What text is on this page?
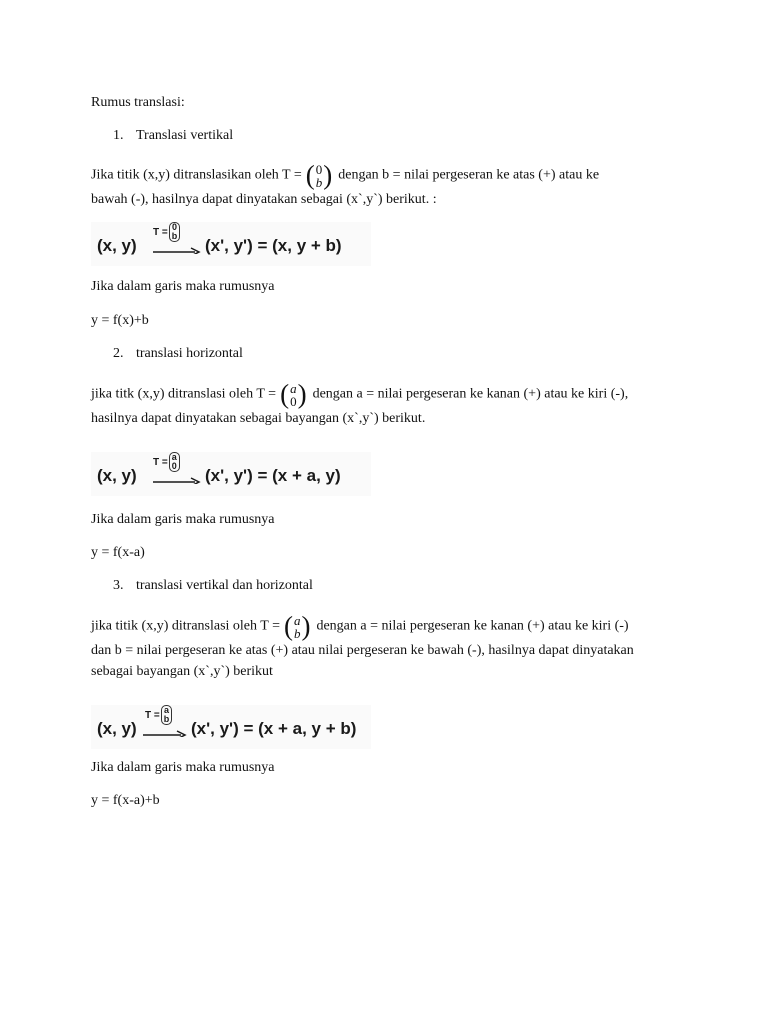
Rumus translasi:
1. Translasi vertikal
Jika titik (x,y) ditranslasikan oleh T = ( 0
b ) dengan b = nilai pergeseran ke atas (+) atau ke
bawah (-), hasilnya dapat dinyatakan sebagai (x`,y`) berikut. :
(x, y)
T = 0
b (x', y') = (x, y + b)
Jika dalam garis maka rumusnya
y = f(x)+b
2. translasi horizontal
jika titk (x,y) ditranslasi oleh T = ( a
0 ) dengan a = nilai pergeseran ke kanan (+) atau ke kiri (-),
hasilnya dapat dinyatakan sebagai bayangan (x`,y`) berikut.
(x, y)
T = a
0 (x', y') = (x + a, y)
Jika dalam garis maka rumusnya
y = f(x-a)
3. translasi vertikal dan horizontal
jika titik (x,y) ditranslasi oleh T = ( a
b ) dengan a = nilai pergeseran ke kanan (+) atau ke kiri (-)
dan b = nilai pergeseran ke atas (+) atau nilai pergeseran ke bawah (-), hasilnya dapat dinyatakan
sebagai bayangan (x`,y`) berikut
(x, y)
T = a
b (x', y') = (x + a, y + b)
Jika dalam garis maka rumusnya
y = f(x-a)+b
